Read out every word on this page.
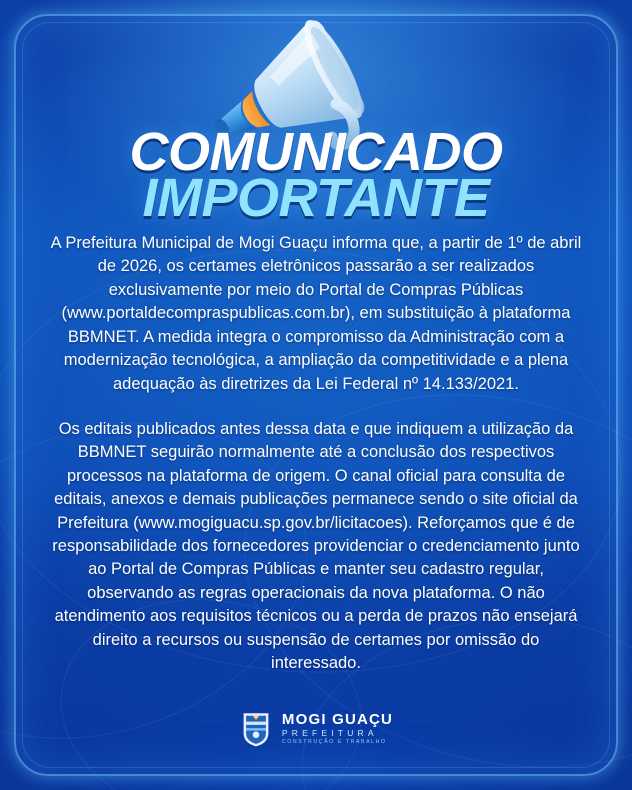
COMUNICADO
IMPORTANTE

A Prefeitura Municipal de Mogi Guaçu informa que, a partir de 1º de abril de 2026, os certames eletrônicos passarão a ser realizados exclusivamente por meio do Portal de Compras Públicas (www.portaldecompraspublicas.com.br), em substituição à plataforma BBMNET. A medida integra o compromisso da Administração com a modernização tecnológica, a ampliação da competitividade e a plena adequação às diretrizes da Lei Federal nº 14.133/2021.

Os editais publicados antes dessa data e que indiquem a utilização da BBMNET seguirão normalmente até a conclusão dos respectivos processos na plataforma de origem. O canal oficial para consulta de editais, anexos e demais publicações permanece sendo o site oficial da Prefeitura (www.mogiguacu.sp.gov.br/licitacoes). Reforçamos que é de responsabilidade dos fornecedores providenciar o credenciamento junto ao Portal de Compras Públicas e manter seu cadastro regular, observando as regras operacionais da nova plataforma. O não atendimento aos requisitos técnicos ou a perda de prazos não ensejará direito a recursos ou suspensão de certames por omissão do interessado.

MOGI GUAÇU
PREFEITURA
CONSTRUÇÃO E TRABALHO
